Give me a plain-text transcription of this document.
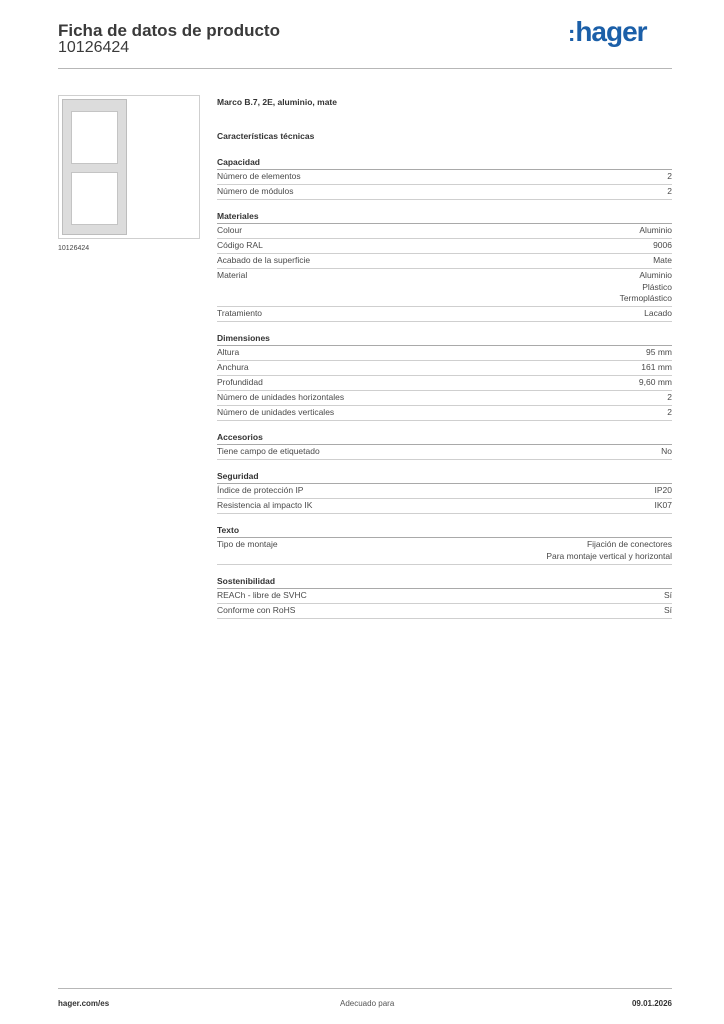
Ficha de datos de producto
10126424
:hager
10126424
Marco B.7, 2E, aluminio, mate
Características técnicas
Capacidad
Número de elementos	2
Número de módulos	2
Materiales
Colour	Aluminio
Código RAL	9006
Acabado de la superficie	Mate
Material	Aluminio
Plástico
Termoplástico
Tratamiento	Lacado
Dimensiones
Altura	95 mm
Anchura	161 mm
Profundidad	9,60 mm
Número de unidades horizontales	2
Número de unidades verticales	2
Accesorios
Tiene campo de etiquetado	No
Seguridad
Índice de protección IP	IP20
Resistencia al impacto IK	IK07
Texto
Tipo de montaje	Fijación de conectores
Para montaje vertical y horizontal
Sostenibilidad
REACh - libre de SVHC	Sí
Conforme con RoHS	Sí
hager.com/es	Adecuado para	09.01.2026
